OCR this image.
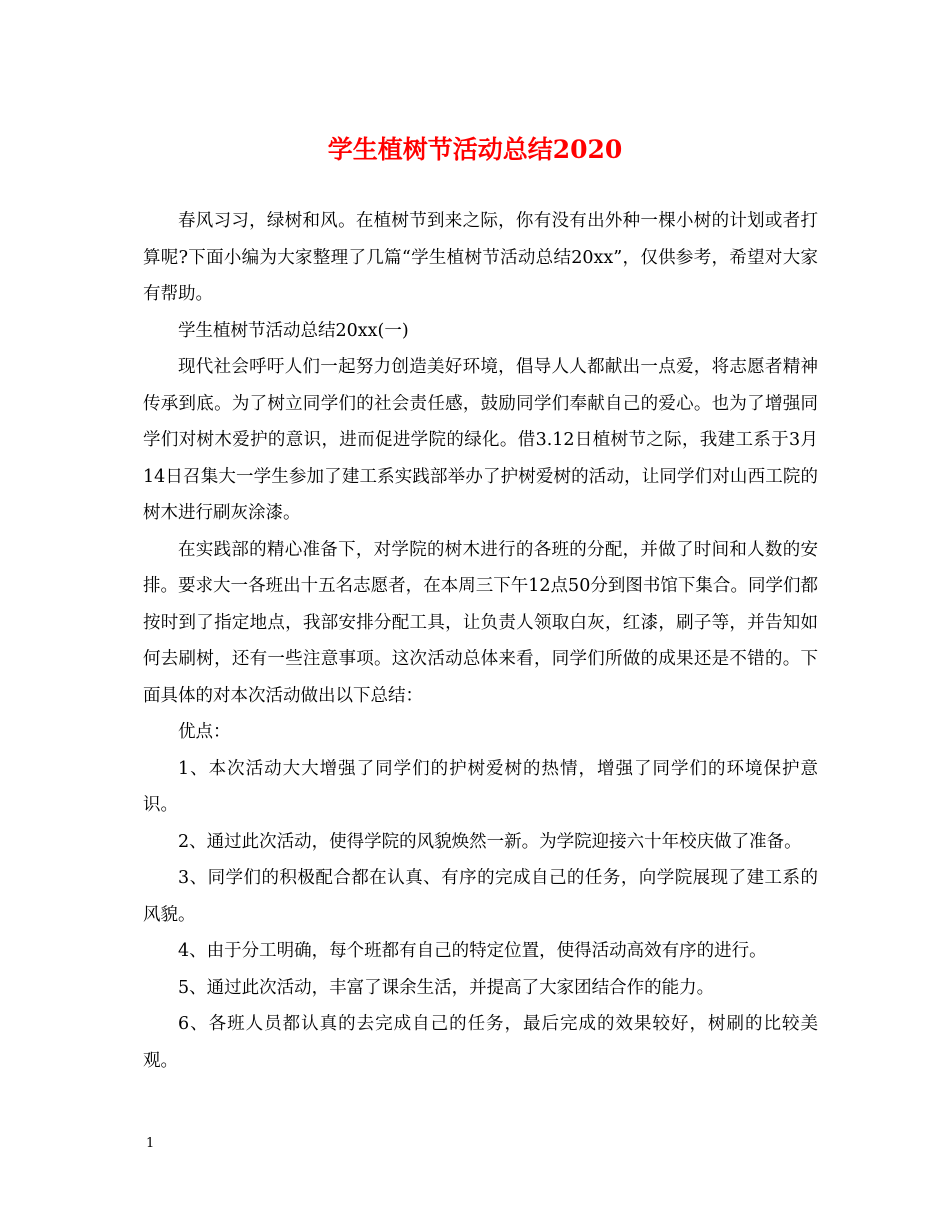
学生植树节活动总结2020

春风习习，绿树和风。在植树节到来之际，你有没有出外种一棵小树的计划或者打算呢?下面小编为大家整理了几篇“学生植树节活动总结20xx”，仅供参考，希望对大家有帮助。

学生植树节活动总结20xx(一)

现代社会呼吁人们一起努力创造美好环境，倡导人人都献出一点爱，将志愿者精神传承到底。为了树立同学们的社会责任感，鼓励同学们奉献自己的爱心。也为了增强同学们对树木爱护的意识，进而促进学院的绿化。借3.12日植树节之际，我建工系于3月14日召集大一学生参加了建工系实践部举办了护树爱树的活动，让同学们对山西工院的树木进行刷灰涂漆。

在实践部的精心准备下，对学院的树木进行的各班的分配，并做了时间和人数的安排。要求大一各班出十五名志愿者，在本周三下午12点50分到图书馆下集合。同学们都按时到了指定地点，我部安排分配工具，让负责人领取白灰，红漆，刷子等，并告知如何去刷树，还有一些注意事项。这次活动总体来看，同学们所做的成果还是不错的。下面具体的对本次活动做出以下总结：

优点：

1、本次活动大大增强了同学们的护树爱树的热情，增强了同学们的环境保护意识。

2、通过此次活动，使得学院的风貌焕然一新。为学院迎接六十年校庆做了准备。

3、同学们的积极配合都在认真、有序的完成自己的任务，向学院展现了建工系的风貌。

4、由于分工明确，每个班都有自己的特定位置，使得活动高效有序的进行。

5、通过此次活动，丰富了课余生活，并提高了大家团结合作的能力。

6、各班人员都认真的去完成自己的任务，最后完成的效果较好，树刷的比较美观。

1
